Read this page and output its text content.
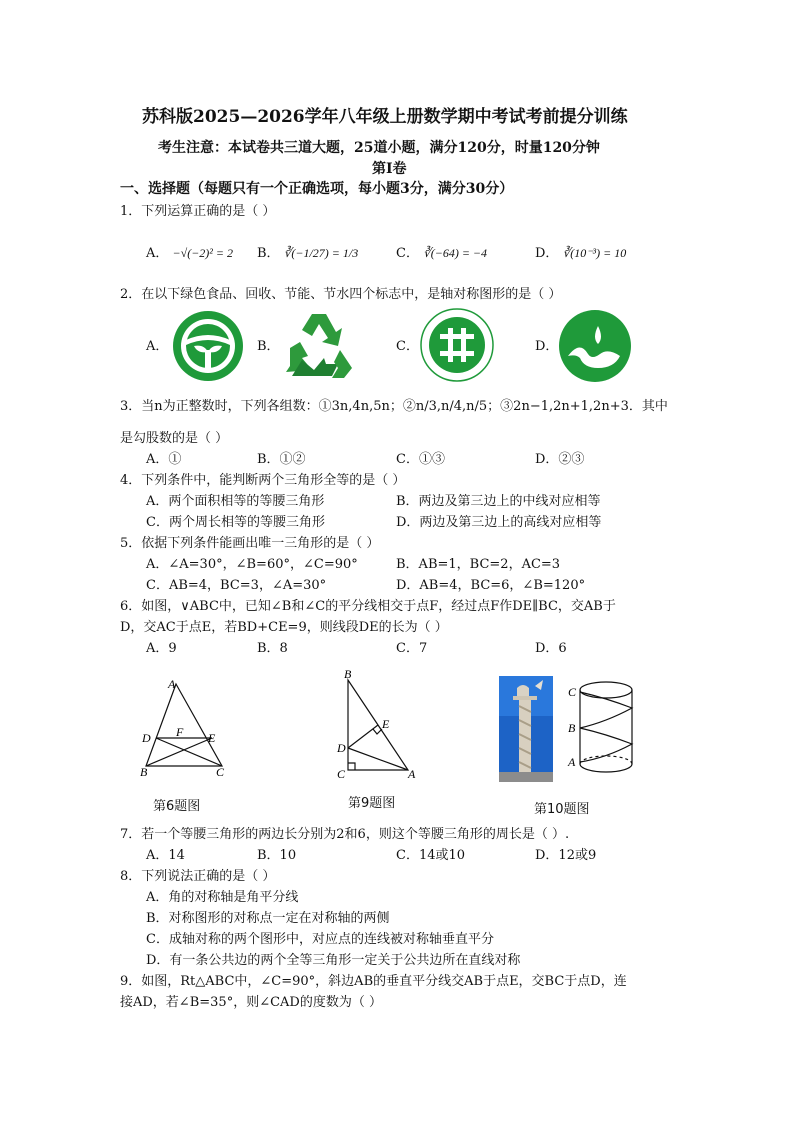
苏科版2025—2026学年八年级上册数学期中考试考前提分训练
考生注意：本试卷共三道大题，25道小题，满分120分，时量120分钟
第Ⅰ卷
一、选择题（每题只有一个正确选项，每小题3分，满分30分）
1．下列运算正确的是（ ）
A． −√(−2)² = 2 B． ∛(−1/27) = 1/3	C． ∛(−64) = −4	D． ∛(10⁻³) = 10
2．在以下绿色食品、回收、节能、节水四个标志中，是轴对称图形的是（ ）
A．	B．	C．	D．
3．当n为正整数时，下列各组数：①3n,4n,5n；②n/3,n/4,n/5；③2n−1,2n+1,2n+3．其中
是勾股数的是（ ）
A．①	B．①②	C．①③	D．②③
4．下列条件中，能判断两个三角形全等的是（ ）
A．两个面积相等的等腰三角形	B．两边及第三边上的中线对应相等
C．两个周长相等的等腰三角形	D．两边及第三边上的高线对应相等
5．依据下列条件能画出唯一三角形的是（ ）
A．∠A=30°，∠B=60°，∠C=90°	B．AB=1，BC=2，AC=3
C．AB=4，BC=3，∠A=30°	D．AB=4，BC=6，∠B=120°
6．如图，∨ABC中，已知∠B和∠C的平分线相交于点F，经过点F作DE∥BC，交AB于
D，交AC于点E，若BD+CE=9，则线段DE的长为（ ）
A．9	B．8	C．7	D．6
A
D F E
B	C
第6题图
B
E
D
C	A
第9题图
C
B
A
第10题图
7．若一个等腰三角形的两边长分别为2和6，则这个等腰三角形的周长是（ ）.
A．14	B．10	C．14或10	D．12或9
8．下列说法正确的是（ ）
A．角的对称轴是角平分线
B．对称图形的对称点一定在对称轴的两侧
C．成轴对称的两个图形中，对应点的连线被对称轴垂直平分
D．有一条公共边的两个全等三角形一定关于公共边所在直线对称
9．如图，Rt△ABC中，∠C=90°，斜边AB的垂直平分线交AB于点E，交BC于点D，连
接AD，若∠B=35°，则∠CAD的度数为（ ）
